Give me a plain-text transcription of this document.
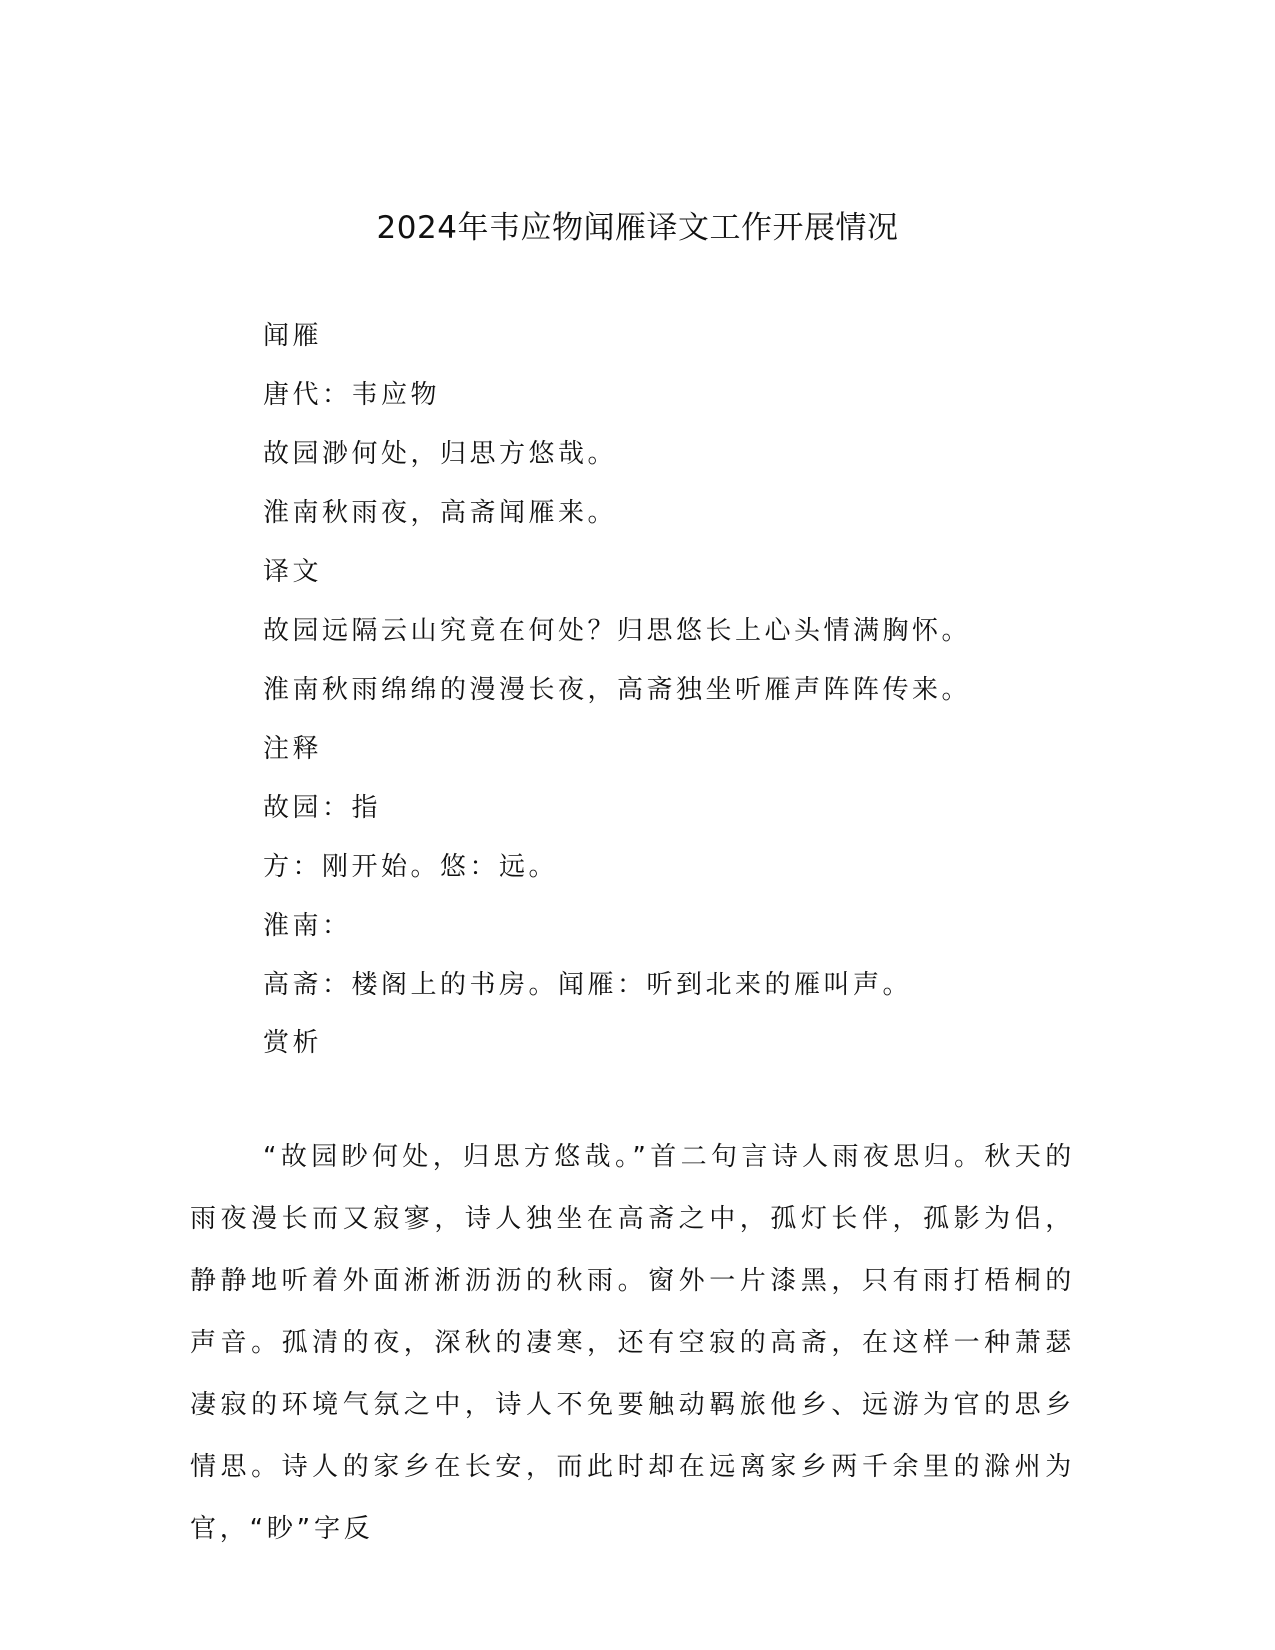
2024年韦应物闻雁译文工作开展情况
闻雁
唐代：韦应物
故园渺何处，归思方悠哉。
淮南秋雨夜，高斋闻雁来。
译文
故园远隔云山究竟在何处？归思悠长上心头情满胸怀。
淮南秋雨绵绵的漫漫长夜，高斋独坐听雁声阵阵传来。
注释
故园：指
方：刚开始。悠：远。
淮南：
高斋：楼阁上的书房。闻雁：听到北来的雁叫声。
赏析

“故园眇何处，归思方悠哉。”首二句言诗人雨夜思归。秋天的雨夜漫长而又寂寥，诗人独坐在高斋之中，孤灯长伴，孤影为侣，静静地听着外面淅淅沥沥的秋雨。窗外一片漆黑，只有雨打梧桐的声音。孤清的夜，深秋的凄寒，还有空寂的高斋，在这样一种萧瑟凄寂的环境气氛之中，诗人不免要触动羁旅他乡、远游为官的思乡情思。诗人的家乡在长安，而此时却在远离家乡两千余里的滁州为官，“眇”字反
